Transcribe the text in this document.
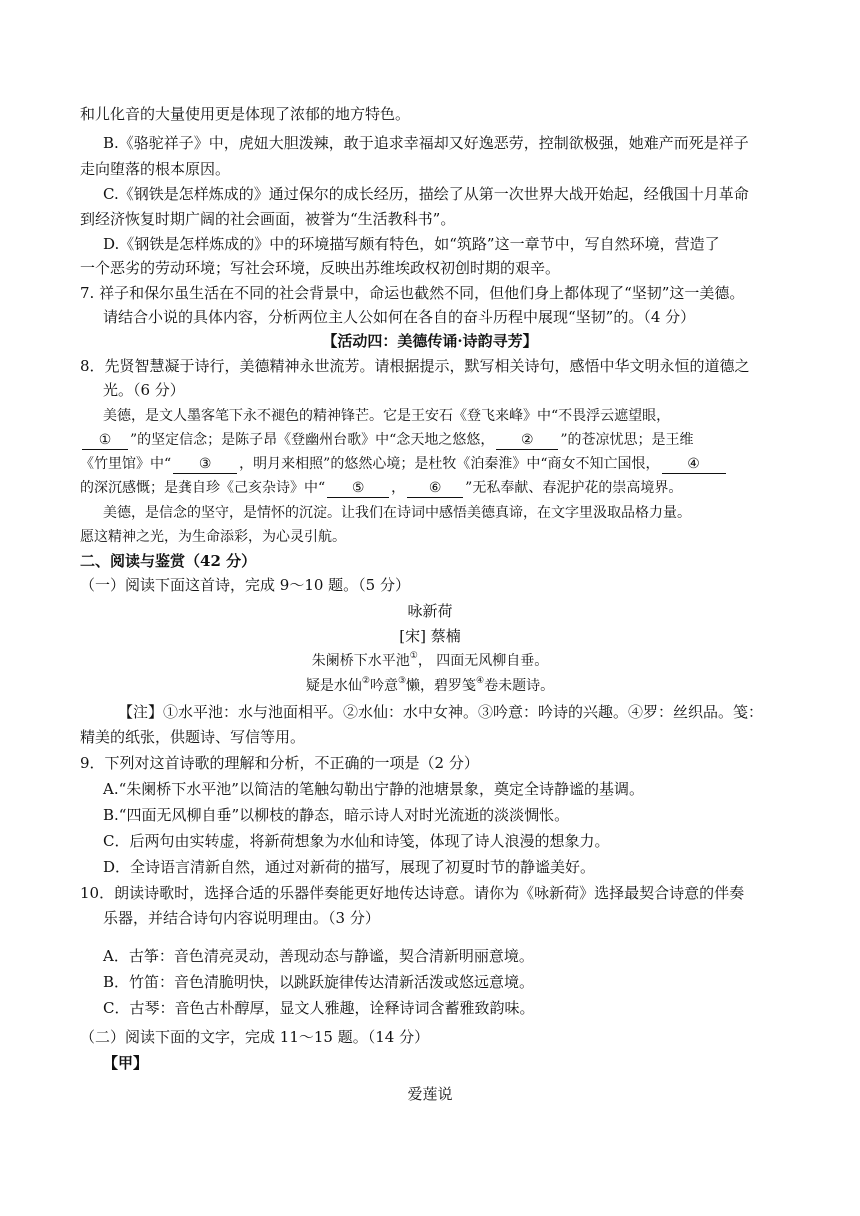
和儿化音的大量使用更是体现了浓郁的地方特色。
B.《骆驼祥子》中，虎妞大胆泼辣，敢于追求幸福却又好逸恶劳，控制欲极强，她难产而死是祥子
走向堕落的根本原因。
C.《钢铁是怎样炼成的》通过保尔的成长经历，描绘了从第一次世界大战开始起，经俄国十月革命
到经济恢复时期广阔的社会画面，被誉为“生活教科书”。
D.《钢铁是怎样炼成的》中的环境描写颇有特色，如“筑路”这一章节中，写自然环境，营造了
一个恶劣的劳动环境；写社会环境，反映出苏维埃政权初创时期的艰辛。
7. 祥子和保尔虽生活在不同的社会背景中，命运也截然不同，但他们身上都体现了“坚韧”这一美德。
请结合小说的具体内容，分析两位主人公如何在各自的奋斗历程中展现“坚韧”的。（4 分）
【活动四：美德传诵·诗韵寻芳】
8．先贤智慧凝于诗行，美德精神永世流芳。请根据提示，默写相关诗句，感悟中华文明永恒的道德之
光。（6 分）
美德，是文人墨客笔下永不褪色的精神锋芒。它是王安石《登飞来峰》中“不畏浮云遮望眼，
① ”的坚定信念；是陈子昂《登幽州台歌》中“念天地之悠悠， ② ”的苍凉忧思；是王维
《竹里馆》中“ ③ ，明月来相照”的悠然心境；是杜牧《泊秦淮》中“商女不知亡国恨， ④
的深沉感慨；是龚自珍《己亥杂诗》中“ ⑤ ， ⑥ ”无私奉献、春泥护花的崇高境界。
美德，是信念的坚守，是情怀的沉淀。让我们在诗词中感悟美德真谛，在文字里汲取品格力量。
愿这精神之光，为生命添彩，为心灵引航。
二、阅读与鉴赏（42 分）
（一）阅读下面这首诗，完成 9～10 题。（5 分）
咏新荷
[宋] 蔡楠
朱阑桥下水平池①， 四面无风柳自垂。
疑是水仙②吟意③懒，碧罗笺④卷未题诗。
【注】①水平池：水与池面相平。②水仙：水中女神。③吟意：吟诗的兴趣。④罗：丝织品。笺：
精美的纸张，供题诗、写信等用。
9．下列对这首诗歌的理解和分析，不正确的一项是（2 分）
A.“朱阑桥下水平池”以简洁的笔触勾勒出宁静的池塘景象，奠定全诗静谧的基调。
B.“四面无风柳自垂”以柳枝的静态，暗示诗人对时光流逝的淡淡惆怅。
C．后两句由实转虚，将新荷想象为水仙和诗笺，体现了诗人浪漫的想象力。
D．全诗语言清新自然，通过对新荷的描写，展现了初夏时节的静谧美好。
10．朗读诗歌时，选择合适的乐器伴奏能更好地传达诗意。请你为《咏新荷》选择最契合诗意的伴奏
乐器，并结合诗句内容说明理由。（3 分）
A．古筝：音色清亮灵动，善现动态与静谧，契合清新明丽意境。
B．竹笛：音色清脆明快，以跳跃旋律传达清新活泼或悠远意境。
C．古琴：音色古朴醇厚，显文人雅趣，诠释诗词含蓄雅致韵味。
（二）阅读下面的文字，完成 11～15 题。（14 分）
【甲】
爱莲说
